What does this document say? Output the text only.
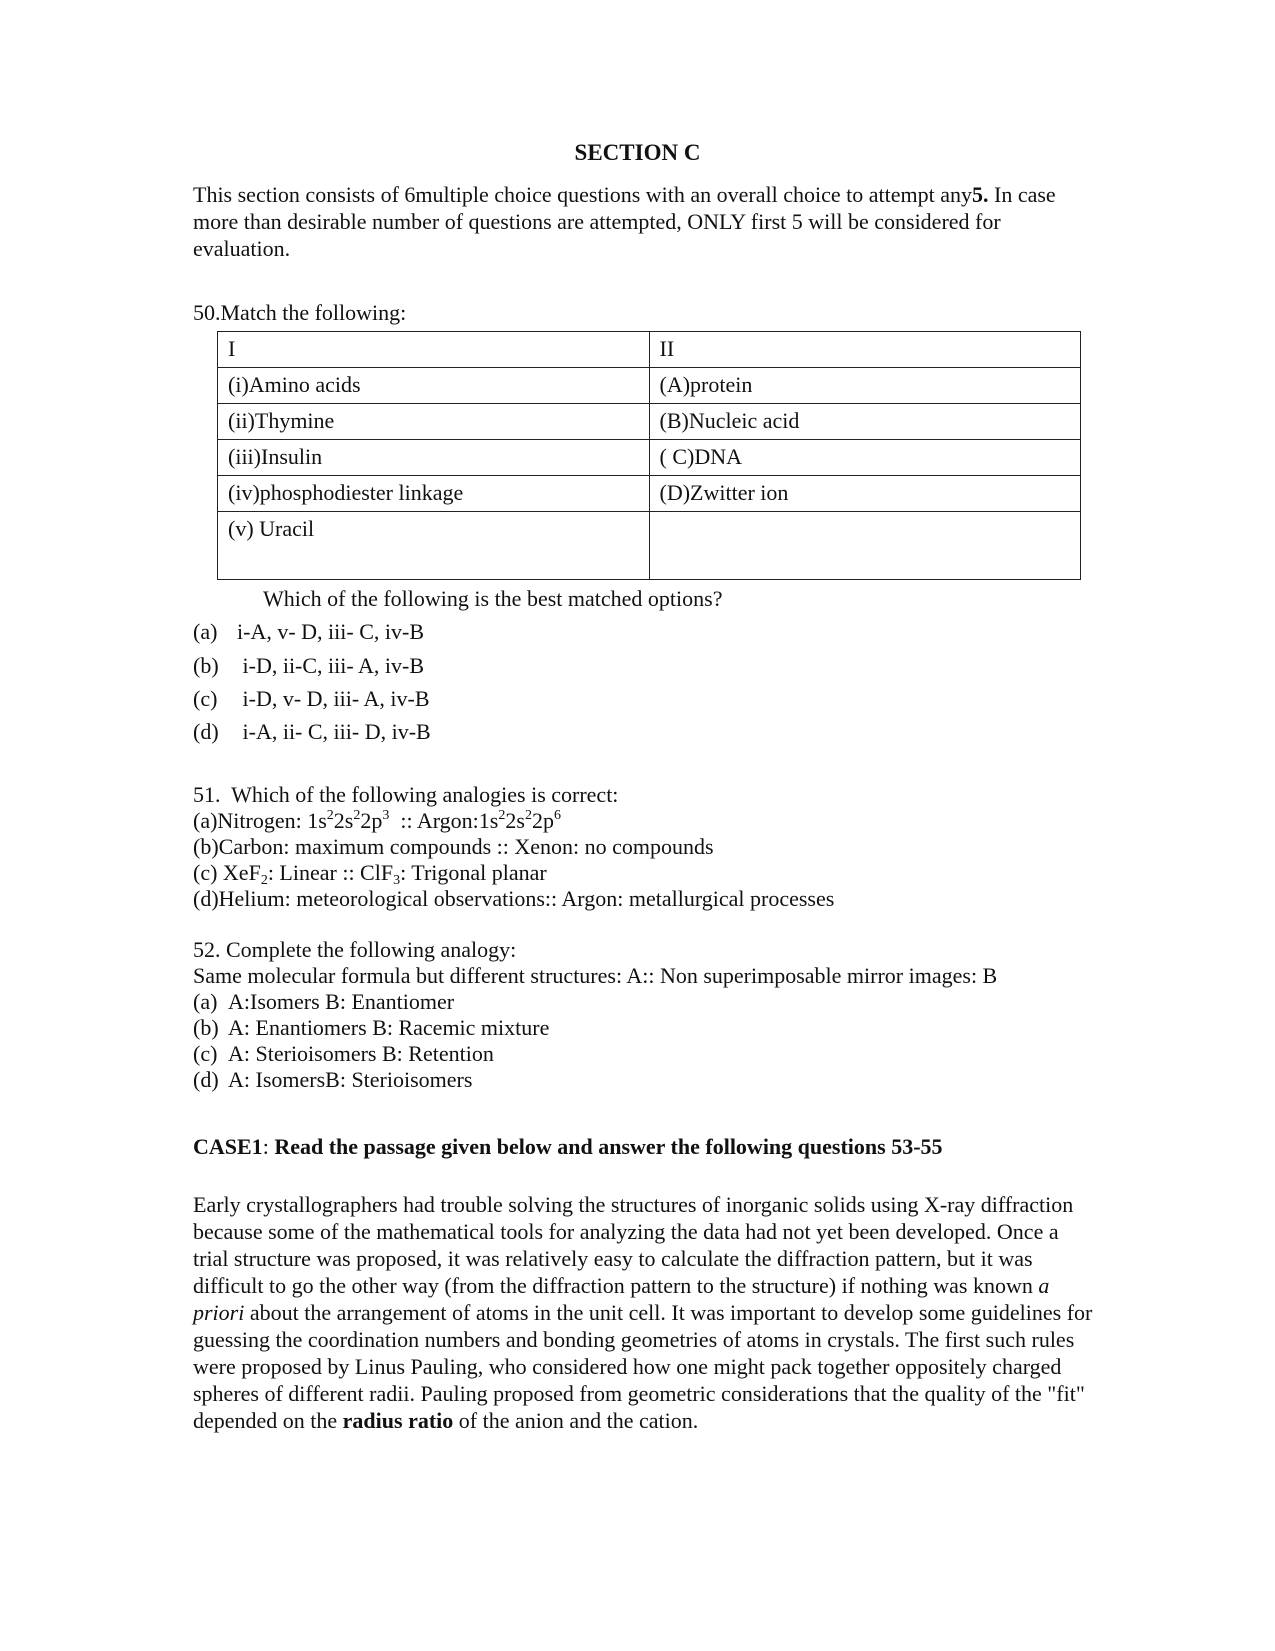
SECTION C
This section consists of 6multiple choice questions with an overall choice to attempt any5. In case more than desirable number of questions are attempted, ONLY first 5 will be considered for evaluation.
50.Match the following:
I	II
(i)Amino acids	(A)protein
(ii)Thymine	(B)Nucleic acid
(iii)Insulin	( C)DNA
(iv)phosphodiester linkage	(D)Zwitter ion
(v) Uracil	
Which of the following is the best matched options?
(a) i-A, v- D, iii- C, iv-B
(b) i-D, ii-C, iii- A, iv-B
(c) i-D, v- D, iii- A, iv-B
(d) i-A, ii- C, iii- D, iv-B
51.  Which of the following analogies is correct:
(a)Nitrogen: $1s^22s^22p^3$  :: $Argon:1s^22s^22p^6$
(b)Carbon: maximum compounds :: Xenon: no compounds
(c) XeF$_2$: Linear :: ClF$_3$: Trigonal planar
(d)Helium: meteorological observations:: Argon: metallurgical processes
52. Complete the following analogy:
Same molecular formula but different structures: A:: Non superimposable mirror images: B
(a) A:Isomers B: Enantiomer
(b) A: Enantiomers B: Racemic mixture
(c) A: Sterioisomers B: Retention
(d) A: IsomersB: Sterioisomers
CASE1: Read the passage given below and answer the following questions 53-55

Early crystallographers had trouble solving the structures of inorganic solids using X-ray diffraction because some of the mathematical tools for analyzing the data had not yet been developed. Once a trial structure was proposed, it was relatively easy to calculate the diffraction pattern, but it was difficult to go the other way (from the diffraction pattern to the structure) if nothing was known a priori about the arrangement of atoms in the unit cell. It was important to develop some guidelines for guessing the coordination numbers and bonding geometries of atoms in crystals. The first such rules were proposed by Linus Pauling, who considered how one might pack together oppositely charged spheres of different radii. Pauling proposed from geometric considerations that the quality of the "fit" depended on the radius ratio of the anion and the cation.
